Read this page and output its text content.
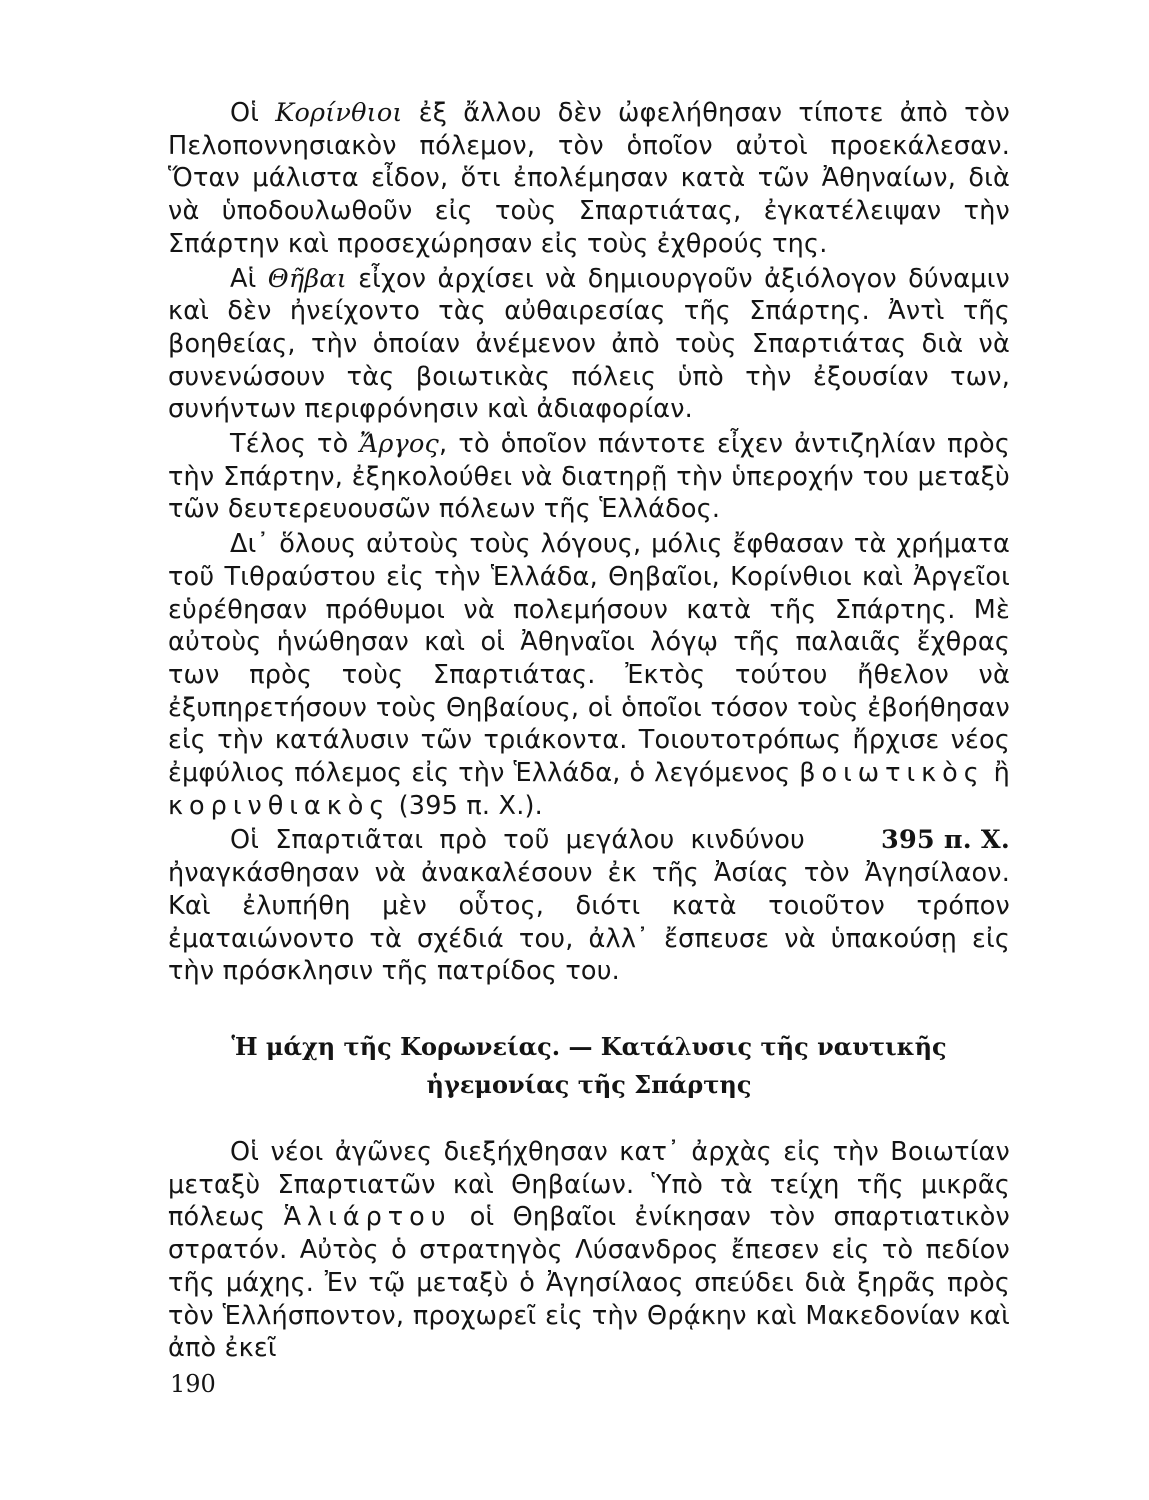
Οἱ Κορίνθιοι ἐξ ἄλλου δὲν ὠφελήθησαν τίποτε ἀπὸ τὸν Πελοποννησιακὸν πόλεμον, τὸν ὁποῖον αὐτοὶ προεκάλεσαν. Ὅταν μάλιστα εἶδον, ὅτι ἐπολέμησαν κατὰ τῶν Ἀθηναίων, διὰ νὰ ὑποδουλωθοῦν εἰς τοὺς Σπαρτιάτας, ἐγκατέλειψαν τὴν Σπάρτην καὶ προσεχώρησαν εἰς τοὺς ἐχθρούς της.

Αἱ Θῆβαι εἶχον ἀρχίσει νὰ δημιουργοῦν ἀξιόλογον δύναμιν καὶ δὲν ἠνείχοντο τὰς αὐθαιρεσίας τῆς Σπάρτης. Ἀντὶ τῆς βοηθείας, τὴν ὁποίαν ἀνέμενον ἀπὸ τοὺς Σπαρτιάτας διὰ νὰ συνενώσουν τὰς βοιωτικὰς πόλεις ὑπὸ τὴν ἐξουσίαν των, συνήντων περιφρόνησιν καὶ ἀδιαφορίαν.

Τέλος τὸ Ἄργος, τὸ ὁποῖον πάντοτε εἶχεν ἀντιζηλίαν πρὸς τὴν Σπάρτην, ἐξηκολούθει νὰ διατηρῇ τὴν ὑπεροχήν του μεταξὺ τῶν δευτερευουσῶν πόλεων τῆς Ἑλλάδος.

Δι᾽ ὅλους αὐτοὺς τοὺς λόγους, μόλις ἔφθασαν τὰ χρήματα τοῦ Τιθραύστου εἰς τὴν Ἑλλάδα, Θηβαῖοι, Κορίνθιοι καὶ Ἀργεῖοι εὑρέθησαν πρόθυμοι νὰ πολεμήσουν κατὰ τῆς Σπάρτης. Μὲ αὐτοὺς ἡνώθησαν καὶ οἱ Ἀθηναῖοι λόγῳ τῆς παλαιᾶς ἔχθρας των πρὸς τοὺς Σπαρτιάτας. Ἐκτὸς τούτου ἤθελον νὰ ἐξυπηρετήσουν τοὺς Θηβαίους, οἱ ὁποῖοι τόσον τοὺς ἐβοήθησαν εἰς τὴν κατάλυσιν τῶν τριάκοντα. Τοιουτοτρόπως ἤρχισε νέος ἐμφύλιος πόλεμος εἰς τὴν Ἑλλάδα, ὁ λεγόμενος βοιωτικὸς ἢ κορινθιακὸς (395 π. Χ.).

395 π. Χ.
Οἱ Σπαρτιᾶται πρὸ τοῦ μεγάλου κινδύνου ἠναγκάσθησαν νὰ ἀνακαλέσουν ἐκ τῆς Ἀσίας τὸν Ἀγησίλαον. Καὶ ἐλυπήθη μὲν οὗτος, διότι κατὰ τοιοῦτον τρόπον ἐματαιώνοντο τὰ σχέδιά του, ἀλλ᾽ ἔσπευσε νὰ ὑπακούσῃ εἰς τὴν πρόσκλησιν τῆς πατρίδος του.

Ἡ μάχη τῆς Κορωνείας. — Κατάλυσις τῆς ναυτικῆς
ἡγεμονίας τῆς Σπάρτης

Οἱ νέοι ἀγῶνες διεξήχθησαν κατ᾽ ἀρχὰς εἰς τὴν Βοιωτίαν μεταξὺ Σπαρτιατῶν καὶ Θηβαίων. Ὑπὸ τὰ τείχη τῆς μικρᾶς πόλεως Ἁλιάρτου οἱ Θηβαῖοι ἐνίκησαν τὸν σπαρτιατικὸν στρατόν. Αὐτὸς ὁ στρατηγὸς Λύσανδρος ἔπεσεν εἰς τὸ πεδίον τῆς μάχης. Ἐν τῷ μεταξὺ ὁ Ἀγησίλαος σπεύδει διὰ ξηρᾶς πρὸς τὸν Ἑλλήσποντον, προχωρεῖ εἰς τὴν Θρᾴκην καὶ Μακεδονίαν καὶ ἀπὸ ἐκεῖ

190
